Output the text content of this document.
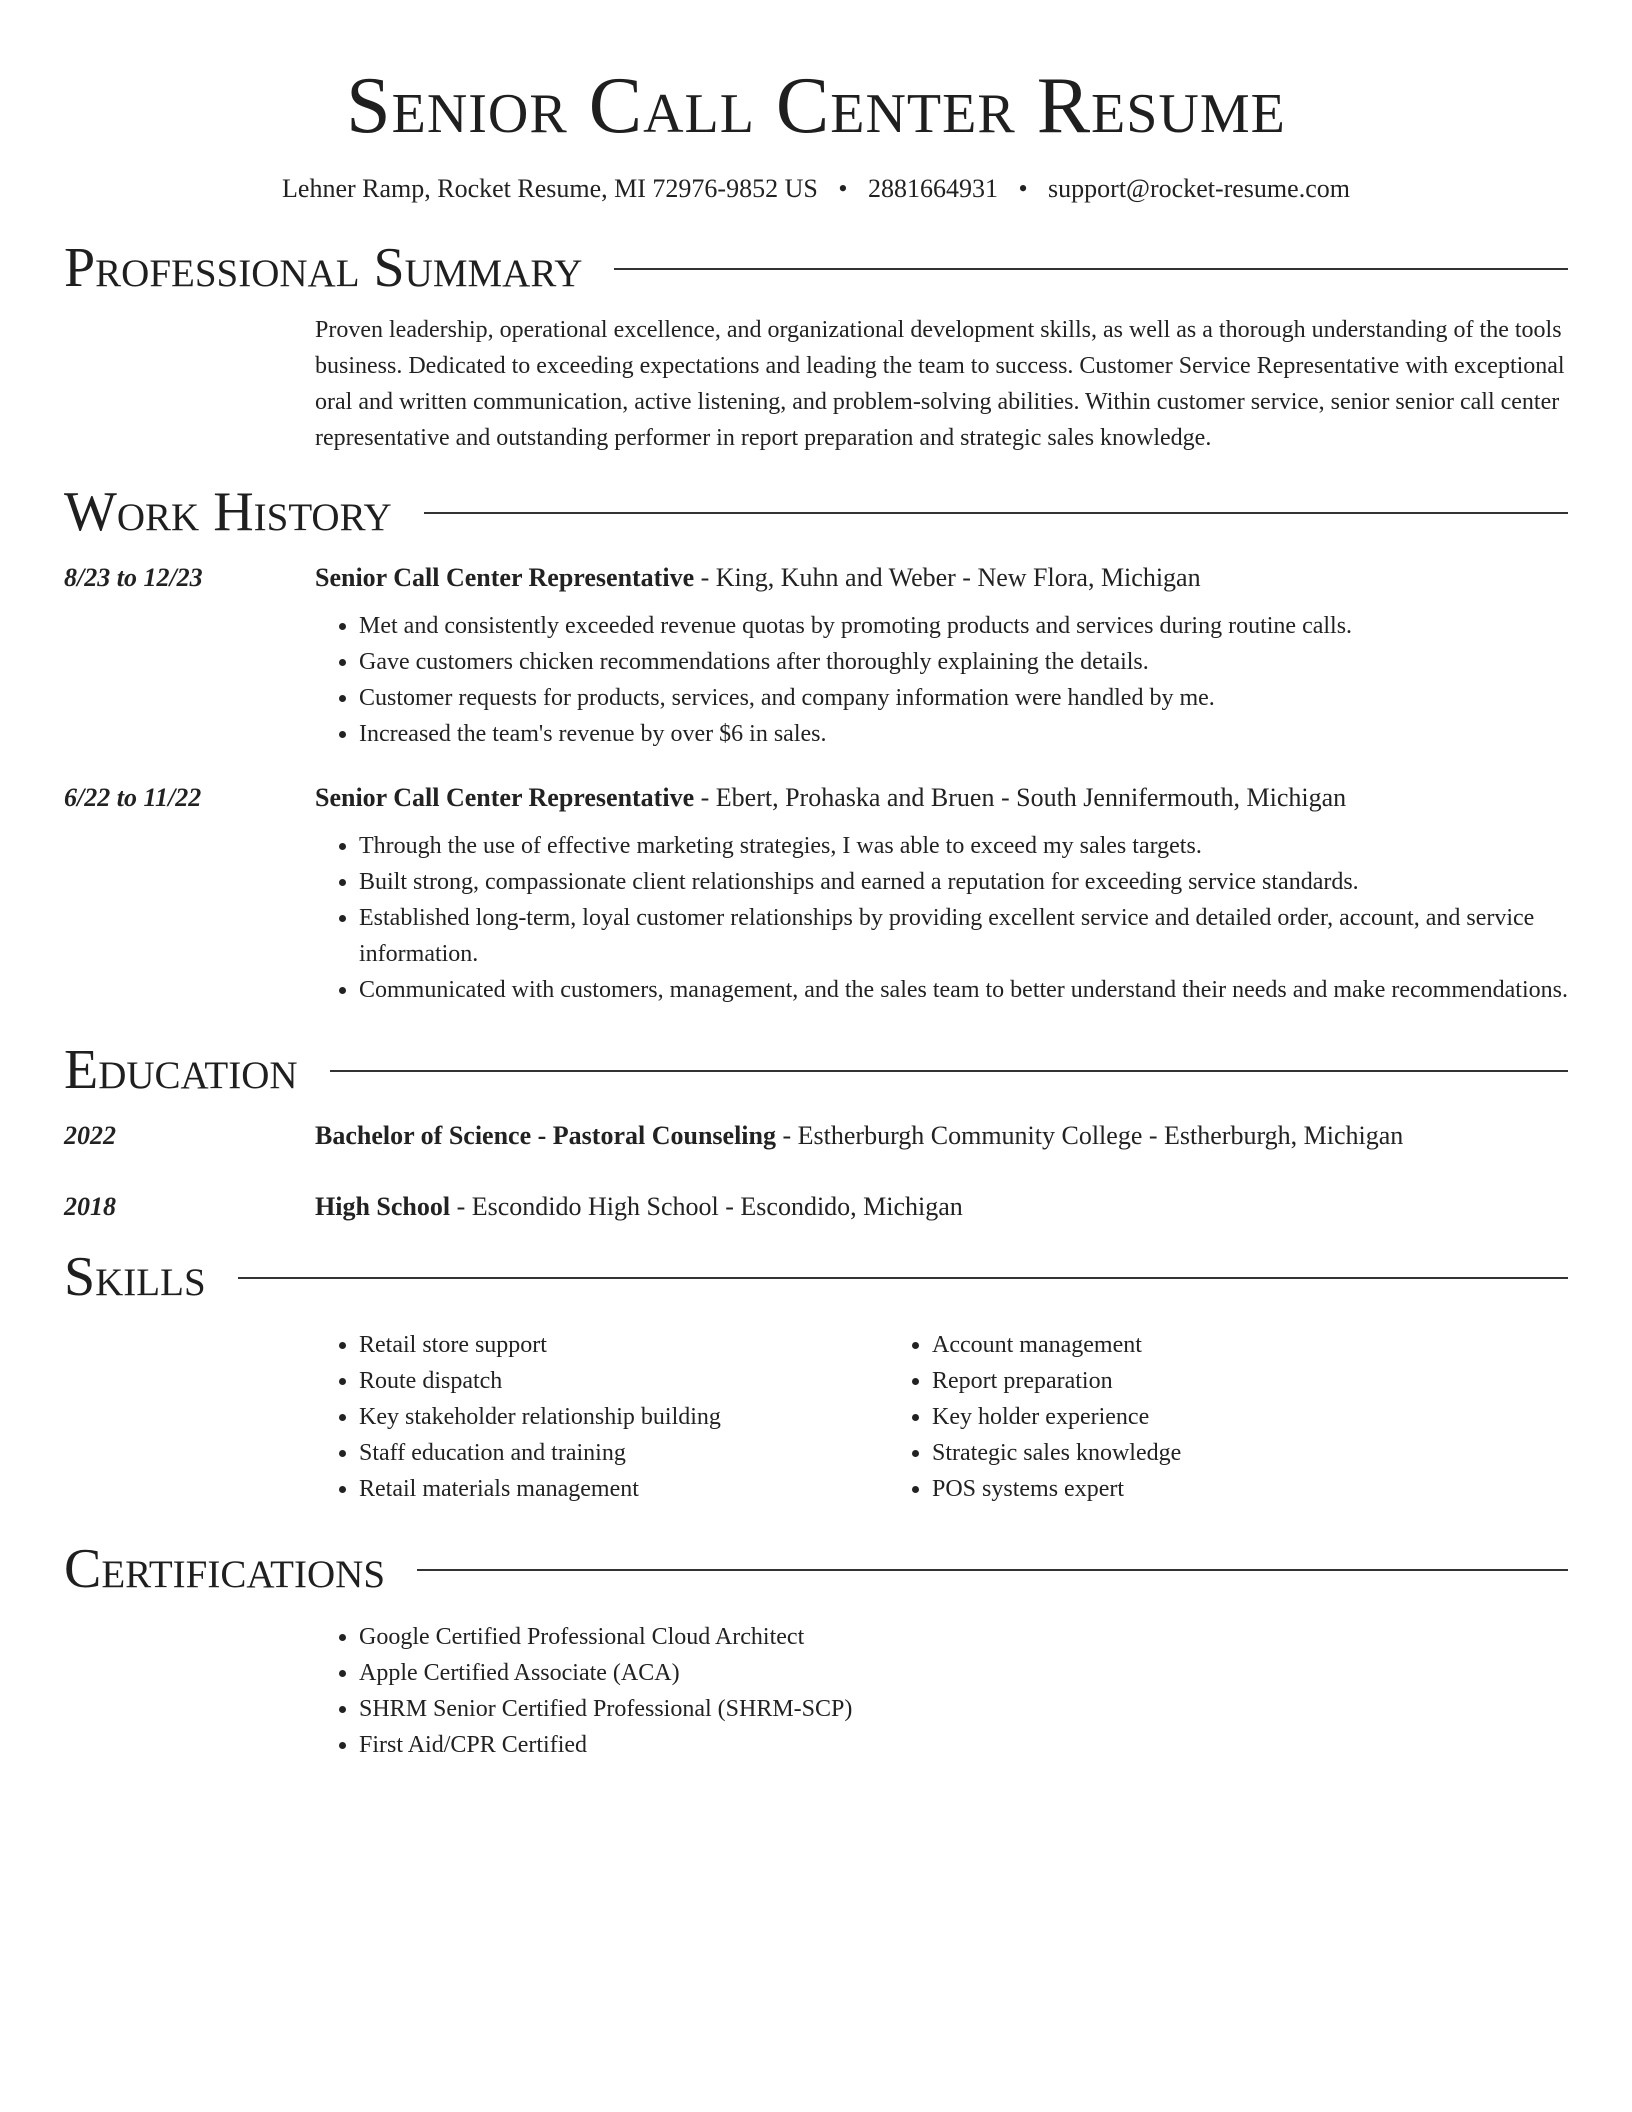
Senior Call Center Resume
Lehner Ramp, Rocket Resume, MI 72976-9852 US • 2881664931 • support@rocket-resume.com
Professional Summary
Proven leadership, operational excellence, and organizational development skills, as well as a thorough understanding of the tools business. Dedicated to exceeding expectations and leading the team to success. Customer Service Representative with exceptional oral and written communication, active listening, and problem-solving abilities. Within customer service, senior senior call center representative and outstanding performer in report preparation and strategic sales knowledge.
Work History
8/23 to 12/23	Senior Call Center Representative - King, Kuhn and Weber - New Flora, Michigan
• Met and consistently exceeded revenue quotas by promoting products and services during routine calls.
• Gave customers chicken recommendations after thoroughly explaining the details.
• Customer requests for products, services, and company information were handled by me.
• Increased the team's revenue by over $6 in sales.
6/22 to 11/22	Senior Call Center Representative - Ebert, Prohaska and Bruen - South Jennifermouth, Michigan
• Through the use of effective marketing strategies, I was able to exceed my sales targets.
• Built strong, compassionate client relationships and earned a reputation for exceeding service standards.
• Established long-term, loyal customer relationships by providing excellent service and detailed order, account, and service information.
• Communicated with customers, management, and the sales team to better understand their needs and make recommendations.
Education
2022	Bachelor of Science - Pastoral Counseling - Estherburgh Community College - Estherburgh, Michigan
2018	High School - Escondido High School - Escondido, Michigan
Skills
• Retail store support
• Route dispatch
• Key stakeholder relationship building
• Staff education and training
• Retail materials management
• Account management
• Report preparation
• Key holder experience
• Strategic sales knowledge
• POS systems expert
Certifications
• Google Certified Professional Cloud Architect
• Apple Certified Associate (ACA)
• SHRM Senior Certified Professional (SHRM-SCP)
• First Aid/CPR Certified
